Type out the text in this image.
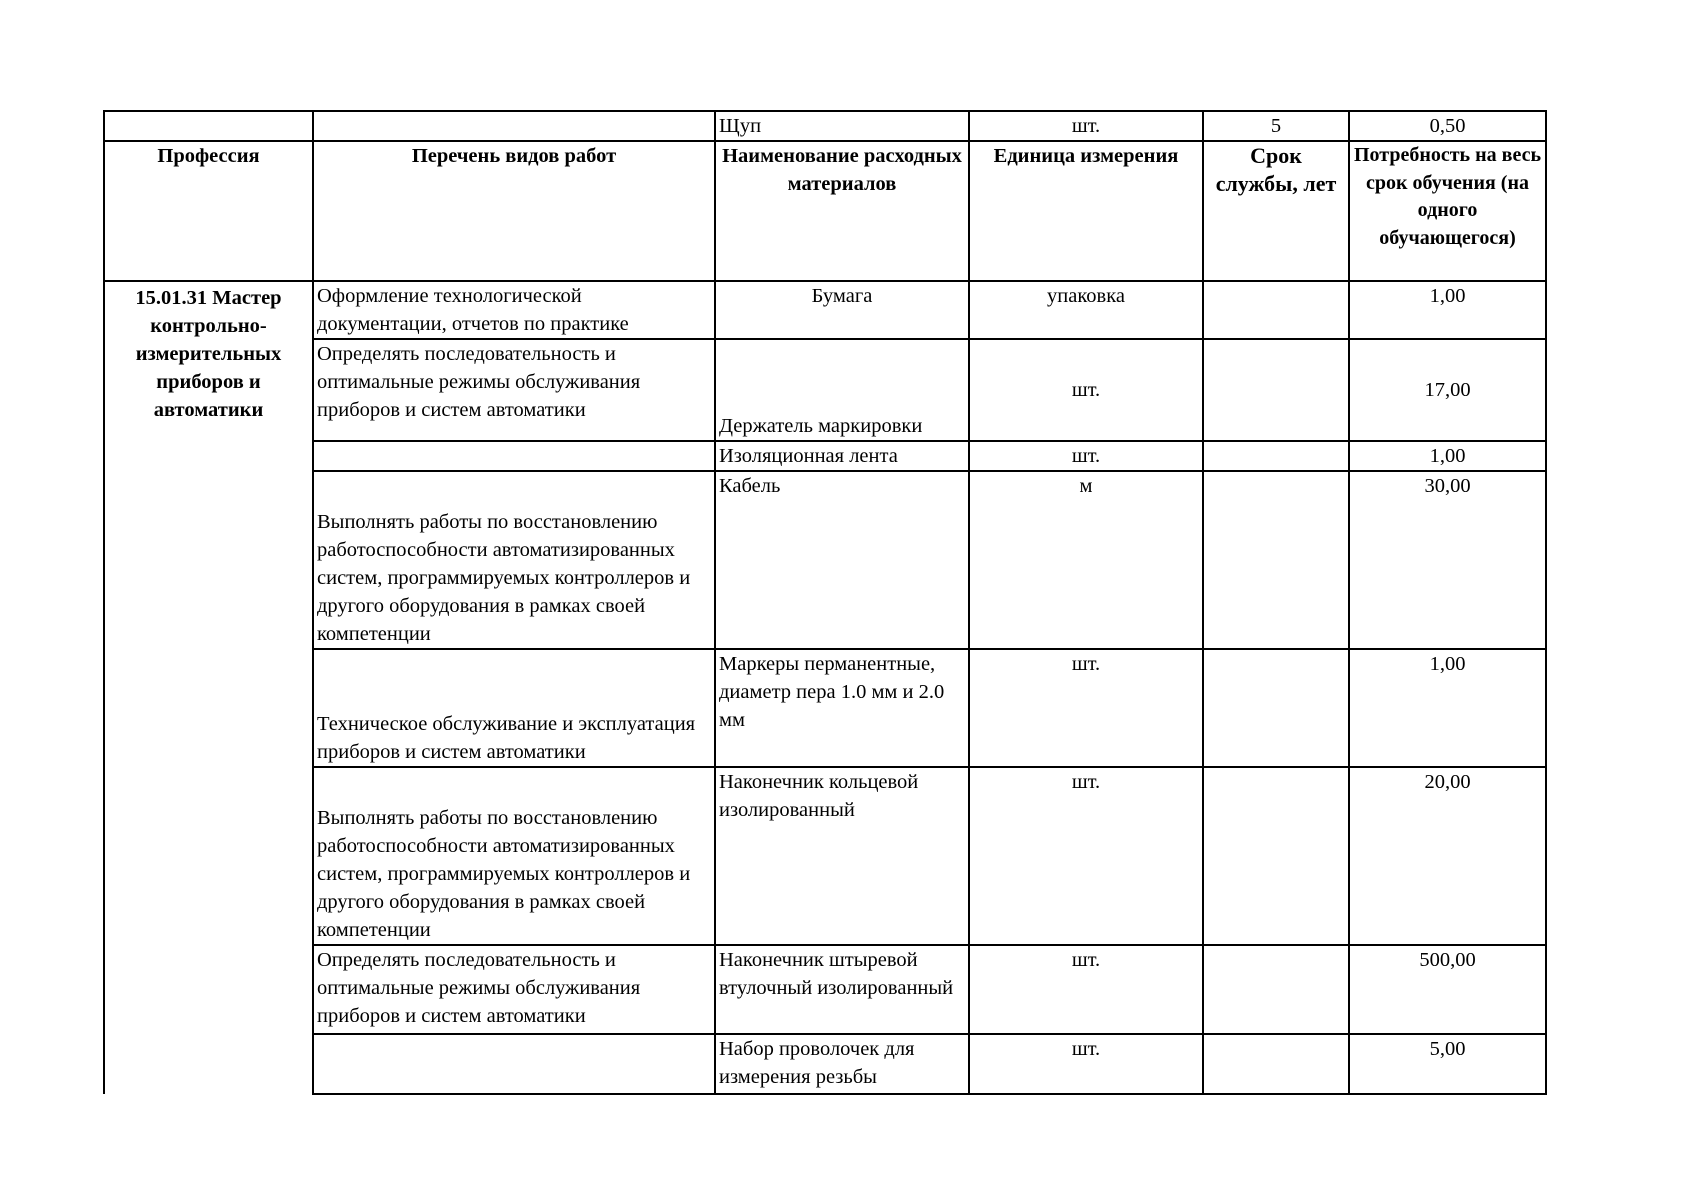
		Щуп	шт.	5	0,50
Профессия	Перечень видов работ	Наименование расходных материалов	Единица измерения	Срок службы, лет	Потребность на весь срок обучения (на одного обучающегося)
15.01.31 Мастер контрольно-измерительных приборов и автоматики	Оформление технологической документации, отчетов по практике	Бумага	упаковка		1,00
	Определять последовательность и оптимальные режимы обслуживания приборов и систем автоматики	Держатель маркировки	шт.		17,00
		Изоляционная лента	шт.		1,00
	Выполнять работы по восстановлению работоспособности автоматизированных систем, программируемых контроллеров и другого оборудования в рамках своей компетенции	Кабель	м		30,00
	Техническое обслуживание и эксплуатация приборов и систем автоматики	Маркеры перманентные, диаметр пера 1.0 мм и 2.0 мм	шт.		1,00
	Выполнять работы по восстановлению работоспособности автоматизированных систем, программируемых контроллеров и другого оборудования в рамках своей компетенции	Наконечник кольцевой изолированный	шт.		20,00
	Определять последовательность и оптимальные режимы обслуживания приборов и систем автоматики	Наконечник штыревой втулочный изолированный	шт.		500,00
		Набор проволочек для измерения резьбы	шт.		5,00
